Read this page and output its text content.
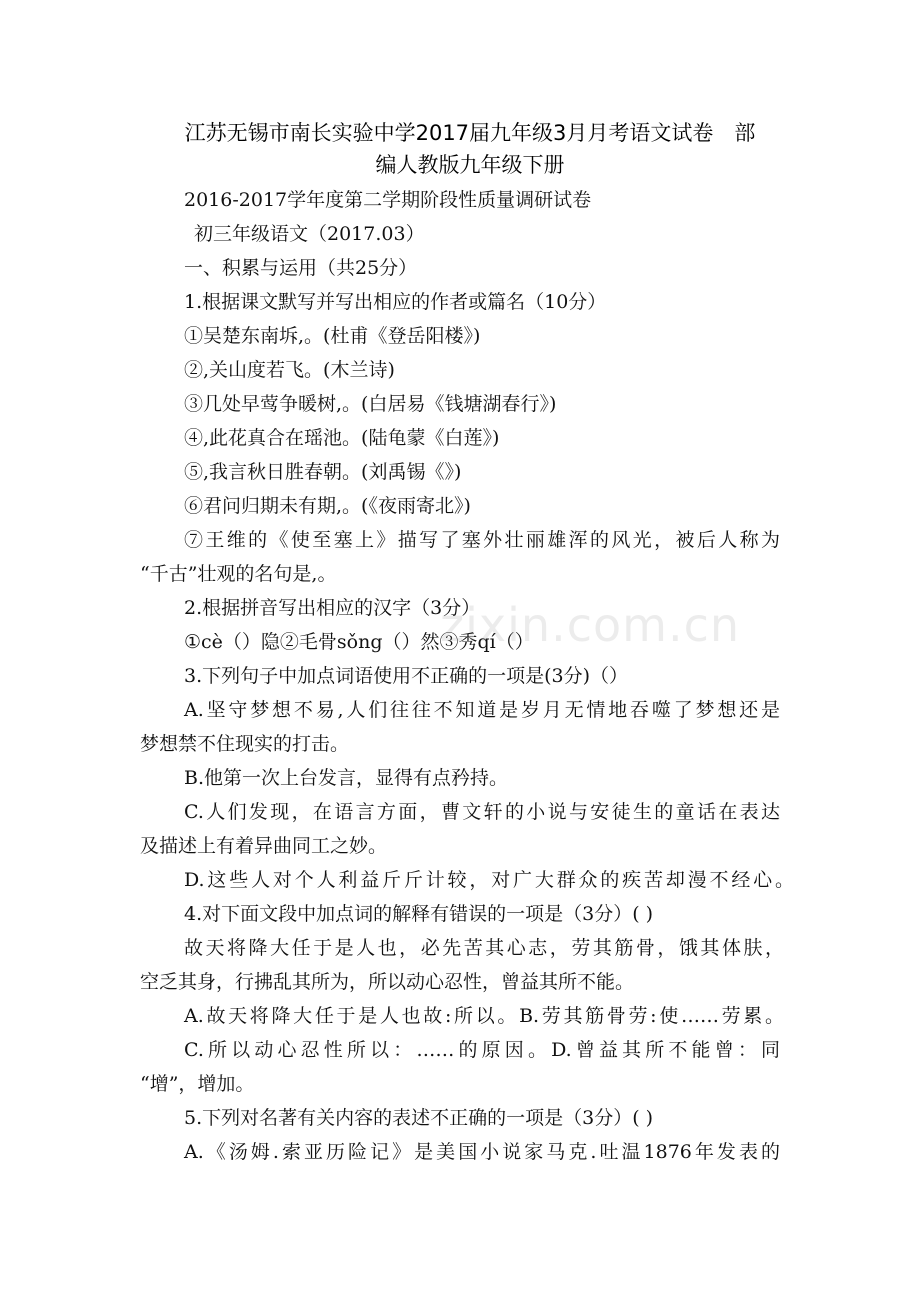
江苏无锡市南长实验中学2017届九年级3月月考语文试卷　部
编人教版九年级下册
2016-2017学年度第二学期阶段性质量调研试卷
初三年级语文（2017.03）
一、积累与运用（共25分）
1.根据课文默写并写出相应的作者或篇名（10分）
①吴楚东南坼,。(杜甫《登岳阳楼》)
②,关山度若飞。(木兰诗)
③几处早莺争暖树,。(白居易《钱塘湖春行》)
④,此花真合在瑶池。(陆龟蒙《白莲》)
⑤,我言秋日胜春朝。(刘禹锡《》)
⑥君问归期未有期,。(《夜雨寄北》)
⑦王维的《使至塞上》描写了塞外壮丽雄浑的风光，被后人称为
“千古”壮观的名句是,。
2.根据拼音写出相应的汉字（3分）
①cè（）隐②毛骨sǒng（）然③秀qí（）
3.下列句子中加点词语使用不正确的一项是(3分)（）
A.坚守梦想不易,人们往往不知道是岁月无情地吞噬了梦想还是
梦想禁不住现实的打击。
B.他第一次上台发言，显得有点矜持。
C.人们发现，在语言方面，曹文轩的小说与安徒生的童话在表达
及描述上有着异曲同工之妙。
D.这些人对个人利益斤斤计较，对广大群众的疾苦却漫不经心。
4.对下面文段中加点词的解释有错误的一项是（3分）( )
故天将降大任于是人也，必先苦其心志，劳其筋骨，饿其体肤，
空乏其身，行拂乱其所为，所以动心忍性，曾益其所不能。
A.故天将降大任于是人也故:所以。B.劳其筋骨劳:使……劳累。
C.所以动心忍性所以：……的原因。D.曾益其所不能曾：同
“增”，增加。
5.下列对名著有关内容的表述不正确的一项是（3分）( )
A.《汤姆.索亚历险记》是美国小说家马克.吐温1876年发表的
zixin.com.cn
